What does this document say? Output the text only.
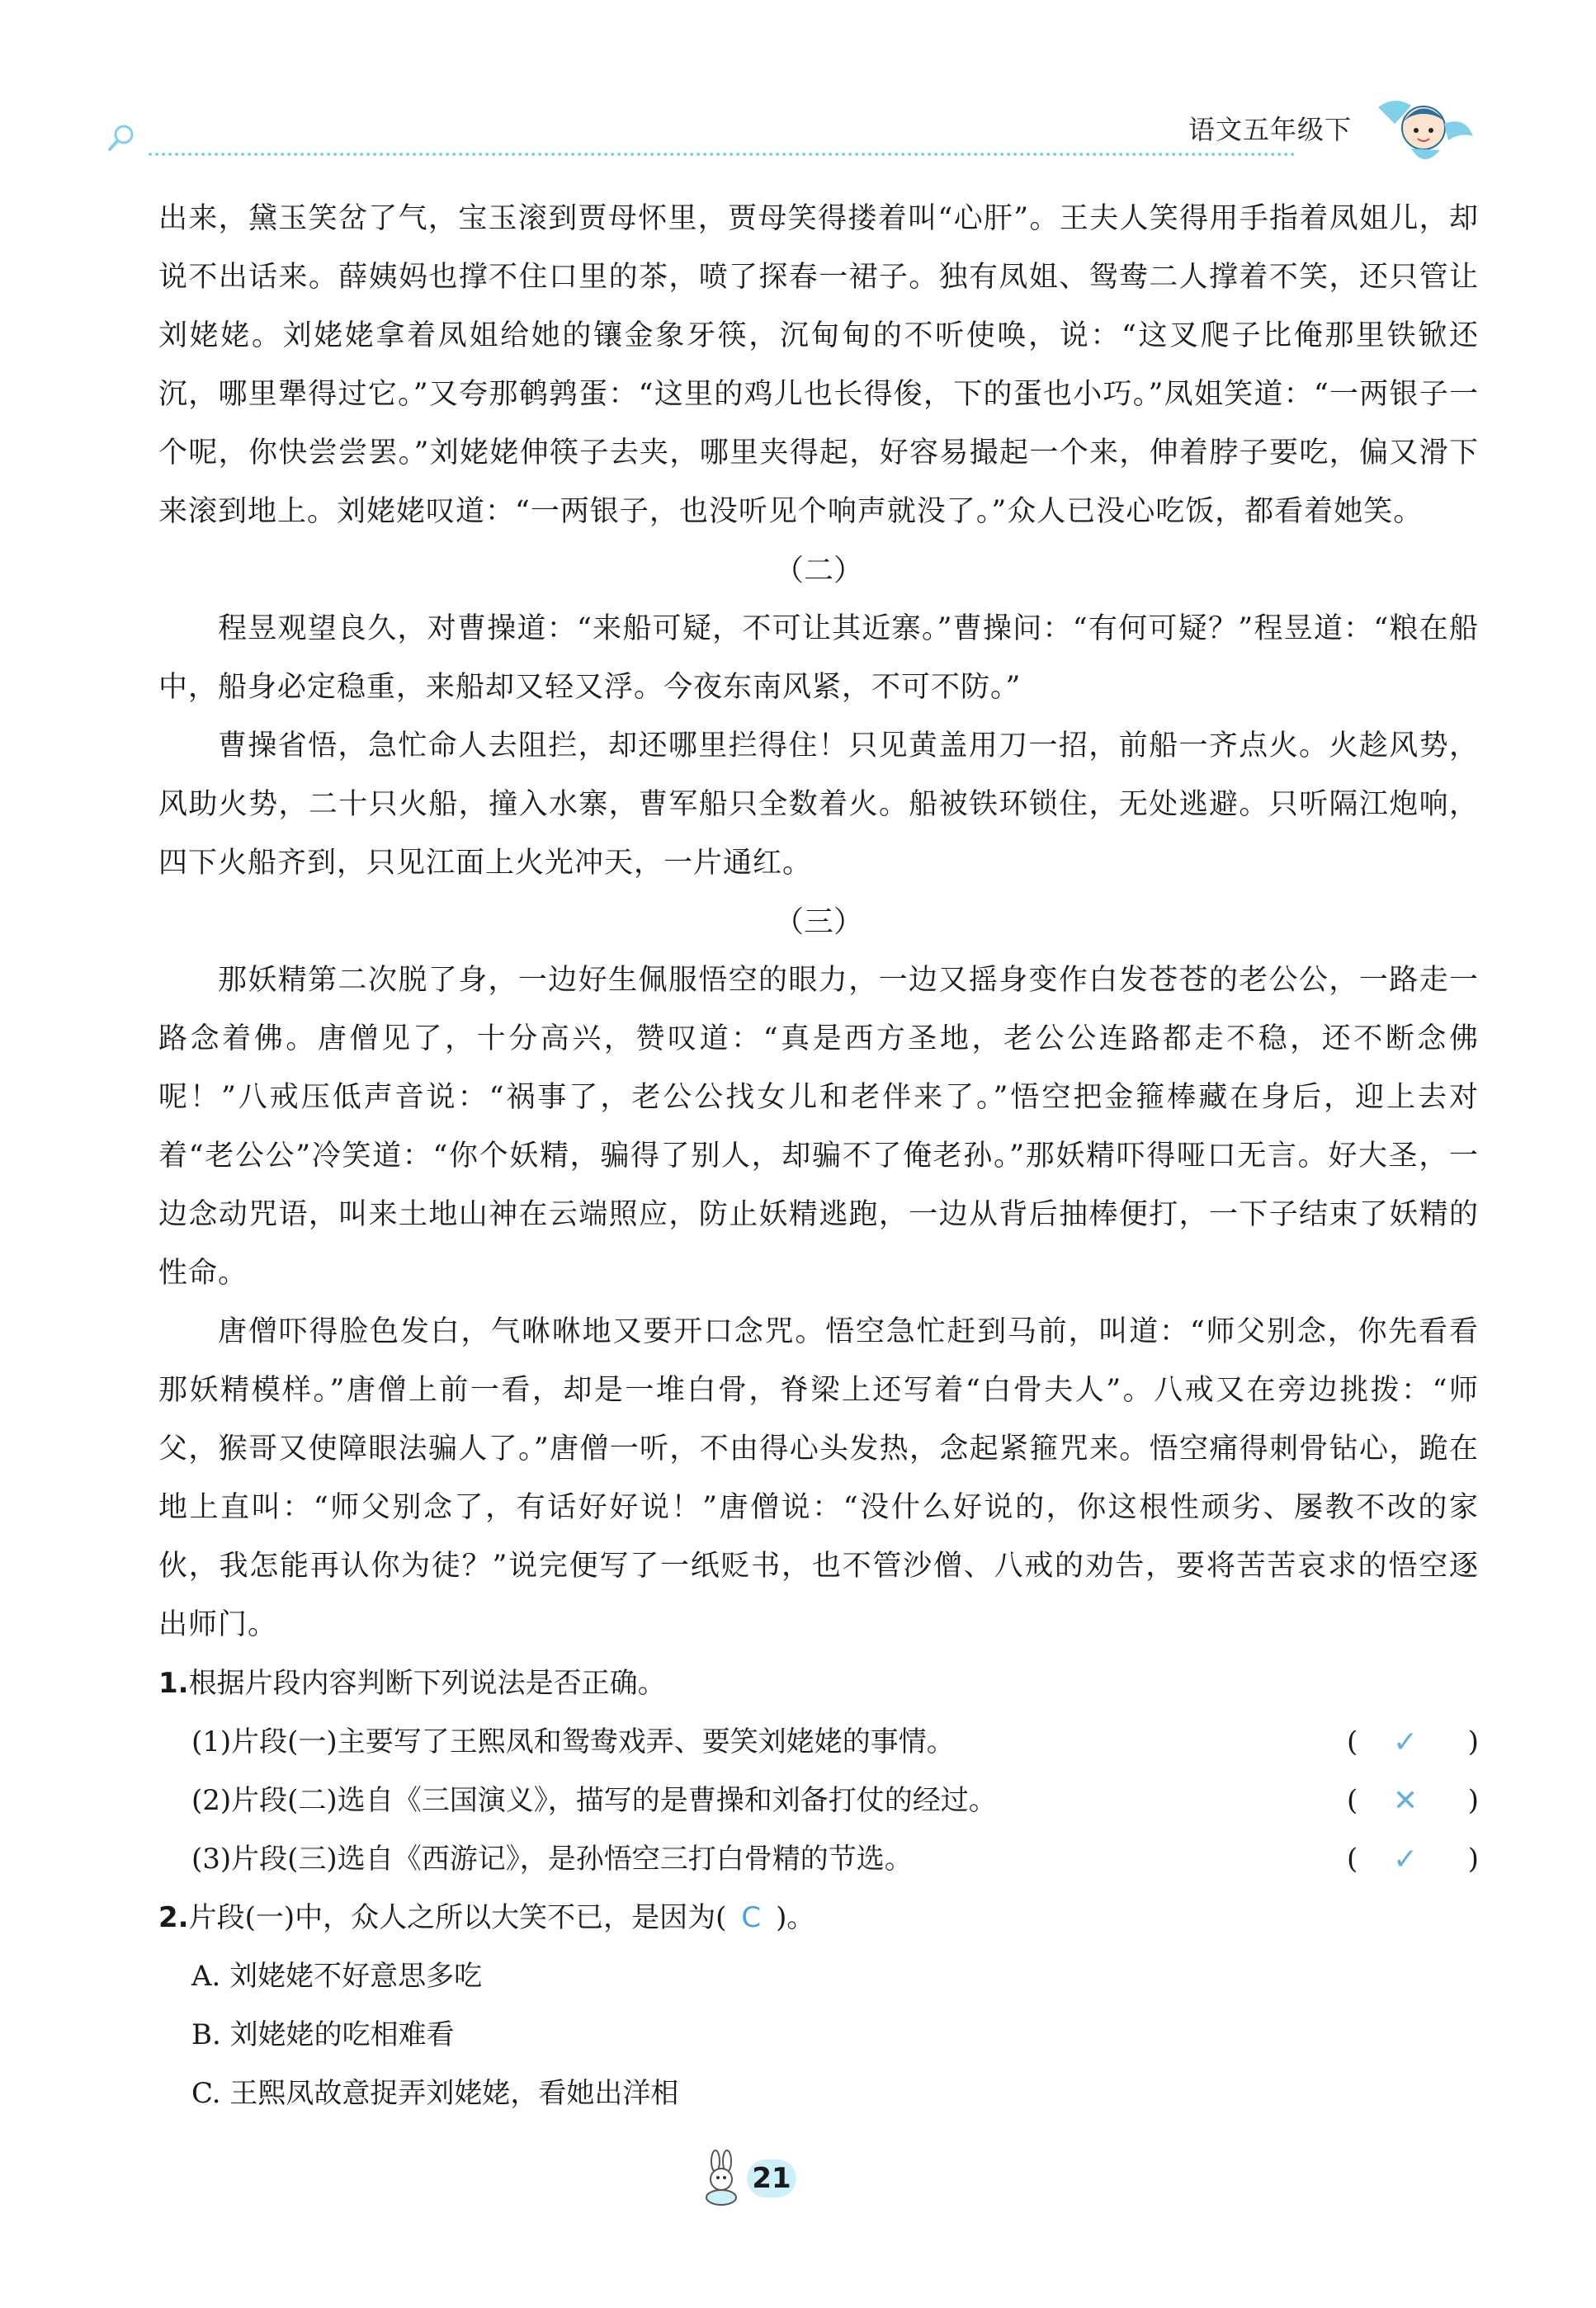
语文五年级下

出来，黛玉笑岔了气，宝玉滚到贾母怀里，贾母笑得搂着叫“心肝”。王夫人笑得用手指着凤姐儿，却说不出话来。薛姨妈也撑不住口里的茶，喷了探春一裙子。独有凤姐、鸳鸯二人撑着不笑，还只管让刘姥姥。刘姥姥拿着凤姐给她的镶金象牙筷，沉甸甸的不听使唤，说：“这叉爬子比俺那里铁锨还沉，哪里犟得过它。”又夸那鹌鹑蛋：“这里的鸡儿也长得俊，下的蛋也小巧。”凤姐笑道：“一两银子一个呢，你快尝尝罢。”刘姥姥伸筷子去夹，哪里夹得起，好容易撮起一个来，伸着脖子要吃，偏又滑下来滚到地上。刘姥姥叹道：“一两银子，也没听见个响声就没了。”众人已没心吃饭，都看着她笑。

（二）

程昱观望良久，对曹操道：“来船可疑，不可让其近寨。”曹操问：“有何可疑？”程昱道：“粮在船中，船身必定稳重，来船却又轻又浮。今夜东南风紧，不可不防。”

曹操省悟，急忙命人去阻拦，却还哪里拦得住！只见黄盖用刀一招，前船一齐点火。火趁风势，风助火势，二十只火船，撞入水寨，曹军船只全数着火。船被铁环锁住，无处逃避。只听隔江炮响，四下火船齐到，只见江面上火光冲天，一片通红。

（三）

那妖精第二次脱了身，一边好生佩服悟空的眼力，一边又摇身变作白发苍苍的老公公，一路走一路念着佛。唐僧见了，十分高兴，赞叹道：“真是西方圣地，老公公连路都走不稳，还不断念佛呢！”八戒压低声音说：“祸事了，老公公找女儿和老伴来了。”悟空把金箍棒藏在身后，迎上去对着“老公公”冷笑道：“你个妖精，骗得了别人，却骗不了俺老孙。”那妖精吓得哑口无言。好大圣，一边念动咒语，叫来土地山神在云端照应，防止妖精逃跑，一边从背后抽棒便打，一下子结束了妖精的性命。

唐僧吓得脸色发白，气咻咻地又要开口念咒。悟空急忙赶到马前，叫道：“师父别念，你先看看那妖精模样。”唐僧上前一看，却是一堆白骨，脊梁上还写着“白骨夫人”。八戒又在旁边挑拨：“师父，猴哥又使障眼法骗人了。”唐僧一听，不由得心头发热，念起紧箍咒来。悟空痛得刺骨钻心，跪在地上直叫：“师父别念了，有话好好说！”唐僧说：“没什么好说的，你这根性顽劣、屡教不改的家伙，我怎能再认你为徒？”说完便写了一纸贬书，也不管沙僧、八戒的劝告，要将苦苦哀求的悟空逐出师门。

1.根据片段内容判断下列说法是否正确。

(1)片段(一)主要写了王熙凤和鸳鸯戏弄、要笑刘姥姥的事情。	( ✓ )

(2)片段(二)选自《三国演义》，描写的是曹操和刘备打仗的经过。	( ✕ )

(3)片段(三)选自《西游记》，是孙悟空三打白骨精的节选。	( ✓ )

2.片段(一)中，众人之所以大笑不已，是因为( C )。

A. 刘姥姥不好意思多吃

B. 刘姥姥的吃相难看

C. 王熙凤故意捉弄刘姥姥，看她出洋相

21
